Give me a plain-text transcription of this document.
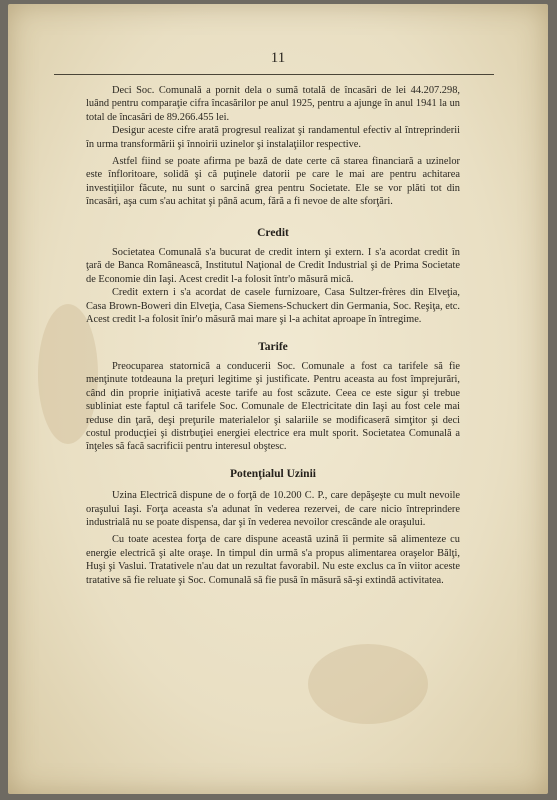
11

Deci Soc. Comunală a pornit dela o sumă totală de încasări de lei 44.207.298, luând pentru comparaţie cifra încasărilor pe anul 1925, pentru a ajunge în anul 1941 la un total de încasări de 89.266.455 lei.

Desigur aceste cifre arată progresul realizat şi randamentul efectiv al întreprinderii în urma transformării şi înnoirii uzinelor şi instalaţiilor respective.

Astfel fiind se poate afirma pe bază de date certe că starea financiară a uzinelor este înfloritoare, solidă şi că puţinele datorii pe care le mai are pentru achitarea investiţiilor făcute, nu sunt o sarcină grea pentru Societate. Ele se vor plăti tot din încasări, aşa cum s'au achitat şi până acum, fără a fi nevoe de alte sforţări.

Credit

Societatea Comunală s'a bucurat de credit intern şi extern. I s'a acordat credit în ţară de Banca Românească, Institutul Naţional de Credit Industrial şi de Prima Societate de Economie din Iaşi. Acest credit l-a folosit într'o măsură mică.

Credit extern i s'a acordat de casele furnizoare, Casa Sultzer-frères din Elveţia, Casa Brown-Boweri din Elveţia, Casa Siemens-Schuckert din Germania, Soc. Reşiţa, etc. Acest credit l-a folosit înir'o măsură mai mare şi l-a achitat aproape în întregime.

Tarife

Preocuparea statornică a conducerii Soc. Comunale a fost ca tarifele să fie menţinute totdeauna la preţuri legitime şi justificate. Pentru aceasta au fost împrejurări, când din proprie iniţiativă aceste tarife au fost scăzute. Ceea ce este sigur şi trebue subliniat este faptul că tarifele Soc. Comunale de Electricitate din Iaşi au fost cele mai reduse din ţară, deşi preţurile materialelor şi salariile se modificaseră simţitor şi deci costul producţiei şi distrbuţiei energiei electrice era mult sporit. Societatea Comunală a înţeles să facă sacrificii pentru interesul obştesc.

Potenţialul Uzinii

Uzina Electrică dispune de o forţă de 10.200 C. P., care depăşeşte cu mult nevoile oraşului Iaşi. Forţa aceasta s'a adunat în vederea rezervei, de care nicio întreprindere industrială nu se poate dispensa, dar şi în vederea nevoilor crescânde ale oraşului.

Cu toate acestea forţa de care dispune această uzină îi permite să alimenteze cu energie electrică şi alte oraşe. In timpul din urmă s'a propus alimentarea oraşelor Bălţi, Huşi şi Vaslui. Tratativele n'au dat un rezultat favorabil. Nu este exclus ca în viitor aceste tratative să fie reluate şi Soc. Comunală să fie pusă în măsură să-şi extindă activitatea.
